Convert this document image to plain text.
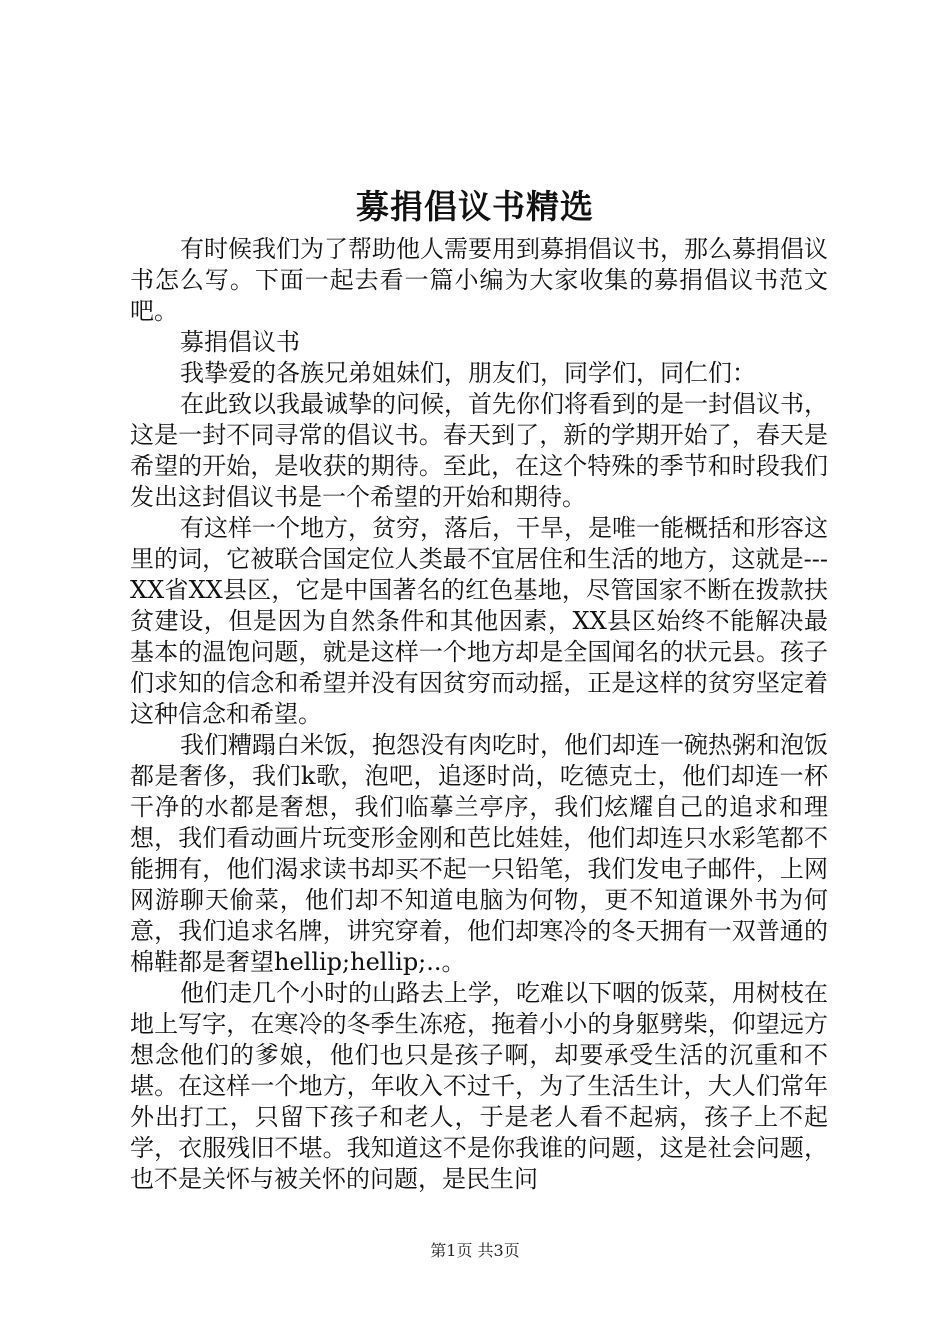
募捐倡议书精选

有时候我们为了帮助他人需要用到募捐倡议书，那么募捐倡议书怎么写。下面一起去看一篇小编为大家收集的募捐倡议书范文吧。

募捐倡议书

我挚爱的各族兄弟姐妹们，朋友们，同学们，同仁们：

在此致以我最诚挚的问候，首先你们将看到的是一封倡议书，这是一封不同寻常的倡议书。春天到了，新的学期开始了，春天是希望的开始，是收获的期待。至此，在这个特殊的季节和时段我们发出这封倡议书是一个希望的开始和期待。

有这样一个地方，贫穷，落后，干旱，是唯一能概括和形容这里的词，它被联合国定位人类最不宜居住和生活的地方，这就是---XX省XX县区，它是中国著名的红色基地，尽管国家不断在拨款扶贫建设，但是因为自然条件和其他因素，XX县区始终不能解决最基本的温饱问题，就是这样一个地方却是全国闻名的状元县。孩子们求知的信念和希望并没有因贫穷而动摇，正是这样的贫穷坚定着这种信念和希望。

我们糟蹋白米饭，抱怨没有肉吃时，他们却连一碗热粥和泡饭都是奢侈，我们k歌，泡吧，追逐时尚，吃德克士，他们却连一杯干净的水都是奢想，我们临摹兰亭序，我们炫耀自己的追求和理想，我们看动画片玩变形金刚和芭比娃娃，他们却连只水彩笔都不能拥有，他们渴求读书却买不起一只铅笔，我们发电子邮件，上网网游聊天偷菜，他们却不知道电脑为何物，更不知道课外书为何意，我们追求名牌，讲究穿着，他们却寒冷的冬天拥有一双普通的棉鞋都是奢望hellip;hellip;..。

他们走几个小时的山路去上学，吃难以下咽的饭菜，用树枝在地上写字，在寒冷的冬季生冻疮，拖着小小的身躯劈柴，仰望远方想念他们的爹娘，他们也只是孩子啊，却要承受生活的沉重和不堪。在这样一个地方，年收入不过千，为了生活生计，大人们常年外出打工，只留下孩子和老人，于是老人看不起病，孩子上不起学，衣服残旧不堪。我知道这不是你我谁的问题，这是社会问题，也不是关怀与被关怀的问题，是民生问

第1页 共3页
